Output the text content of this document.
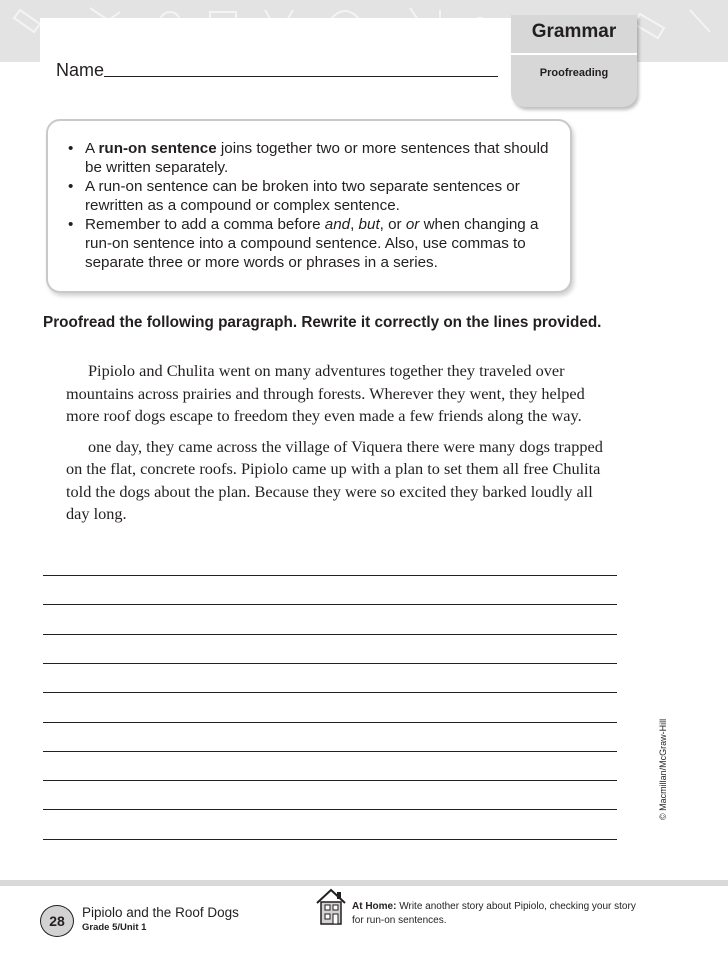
Grammar
Proofreading
Name
• A run-on sentence joins together two or more sentences that should be written separately.
• A run-on sentence can be broken into two separate sentences or rewritten as a compound or complex sentence.
• Remember to add a comma before and, but, or or when changing a run-on sentence into a compound sentence. Also, use commas to separate three or more words or phrases in a series.
Proofread the following paragraph. Rewrite it correctly on the lines provided.

Pipiolo and Chulita went on many adventures together they traveled over mountains across prairies and through forests. Wherever they went, they helped more roof dogs escape to freedom they even made a few friends along the way.

one day, they came across the village of Viquera there were many dogs trapped on the flat, concrete roofs. Pipiolo came up with a plan to set them all free Chulita told the dogs about the plan. Because they were so excited they barked loudly all day long.

© Macmillan/McGraw-Hill
28
Pipiolo and the Roof Dogs
Grade 5/Unit 1
At Home: Write another story about Pipiolo, checking your story for run-on sentences.
